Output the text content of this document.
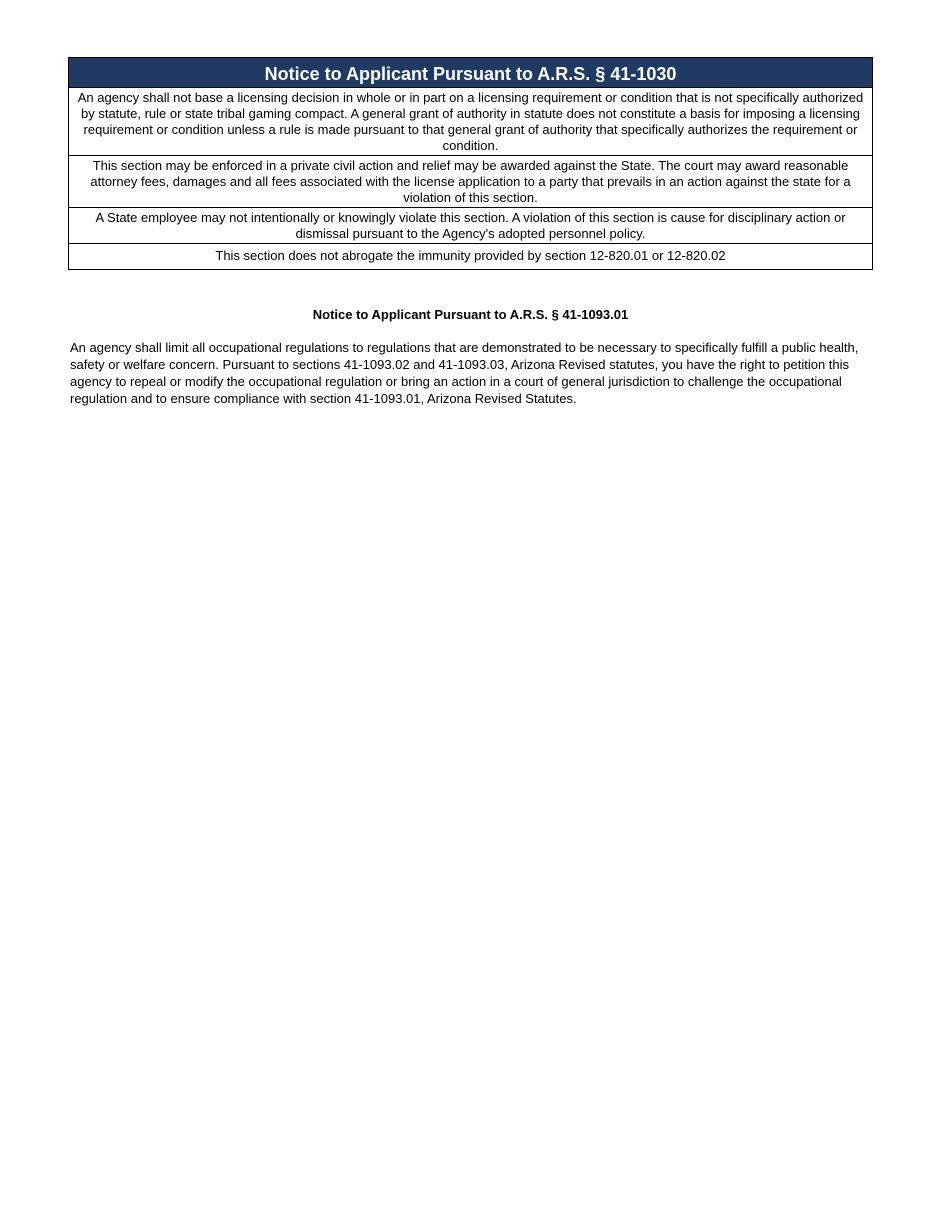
Notice to Applicant Pursuant to A.R.S. § 41-1030
An agency shall not base a licensing decision in whole or in part on a licensing requirement or condition that is not specifically authorized by statute, rule or state tribal gaming compact. A general grant of authority in statute does not constitute a basis for imposing a licensing requirement or condition unless a rule is made pursuant to that general grant of authority that specifically authorizes the requirement or condition.
This section may be enforced in a private civil action and relief may be awarded against the State. The court may award reasonable attorney fees, damages and all fees associated with the license application to a party that prevails in an action against the state for a violation of this section.
A State employee may not intentionally or knowingly violate this section. A violation of this section is cause for disciplinary action or dismissal pursuant to the Agency's adopted personnel policy.
This section does not abrogate the immunity provided by section 12-820.01 or 12-820.02
Notice to Applicant Pursuant to A.R.S. § 41-1093.01
An agency shall limit all occupational regulations to regulations that are demonstrated to be necessary to specifically fulfill a public health, safety or welfare concern. Pursuant to sections 41-1093.02 and 41-1093.03, Arizona Revised statutes, you have the right to petition this agency to repeal or modify the occupational regulation or bring an action in a court of general jurisdiction to challenge the occupational regulation and to ensure compliance with section 41-1093.01, Arizona Revised Statutes.
